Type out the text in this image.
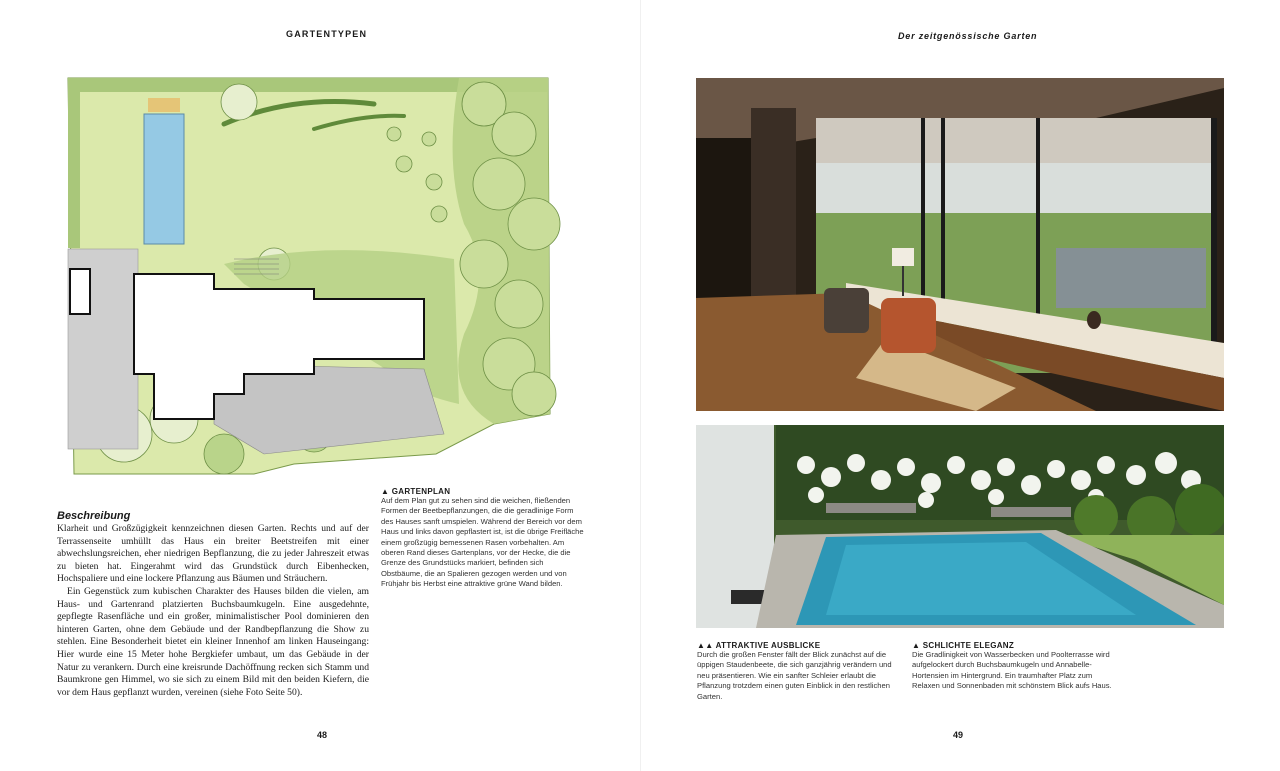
GARTENTYPEN	Der zeitgenössische Garten
Beschreibung

Klarheit und Großzügigkeit kennzeichnen diesen Garten. Rechts und auf der Terrassenseite umhüllt das Haus ein breiter Beetstreifen mit einer abwechslungsreichen, eher niedrigen Bepflanzung, die zu jeder Jahreszeit etwas zu bieten hat. Eingerahmt wird das Grundstück durch Eibenhecken, Hochspaliere und eine lockere Pflanzung aus Bäumen und Sträuchern.

Ein Gegenstück zum kubischen Charakter des Hauses bilden die vielen, am Haus- und Gartenrand platzierten Buchsbaumkugeln. Eine ausgedehnte, gepflegte Rasenfläche und ein großer, minimalistischer Pool dominieren den hinteren Garten, ohne dem Gebäude und der Randbepflanzung die Show zu stehlen. Eine Besonderheit bietet ein kleiner Innenhof am linken Hauseingang: Hier wurde eine 15 Meter hohe Bergkiefer umbaut, um das Gebäude in der Natur zu verankern. Durch eine kreisrunde Dachöffnung recken sich Stamm und Baumkrone gen Himmel, wo sie sich zu einem Bild mit den beiden Kiefern, die vor dem Haus gepflanzt wurden, vereinen (siehe Foto Seite 50).

▲ GARTENPLAN
Auf dem Plan gut zu sehen sind die weichen, fließenden Formen der Beetbepflanzungen, die die geradlinige Form des Hauses sanft umspielen. Während der Bereich vor dem Haus und links davon gepflastert ist, ist die übrige Freifläche einem großzügig bemessenen Rasen vorbehalten. Am oberen Rand dieses Gartenplans, vor der Hecke, die die Grenze des Grundstücks markiert, befinden sich Obstbäume, die an Spalieren gezogen werden und von Frühjahr bis Herbst eine attraktive grüne Wand bilden.
▲▲ ATTRAKTIVE AUSBLICKE
Durch die großen Fenster fällt der Blick zunächst auf die üppigen Staudenbeete, die sich ganzjährig verändern und neu präsentieren. Wie ein sanfter Schleier erlaubt die Pflanzung trotzdem einen guten Einblick in den restlichen Garten.
▲ SCHLICHTE ELEGANZ
Die Gradlinigkeit von Wasserbecken und Poolterrasse wird aufgelockert durch Buchsbaumkugeln und Annabelle-Hortensien im Hintergrund. Ein traumhafter Platz zum Relaxen und Sonnenbaden mit schönstem Blick aufs Haus.
48	49
